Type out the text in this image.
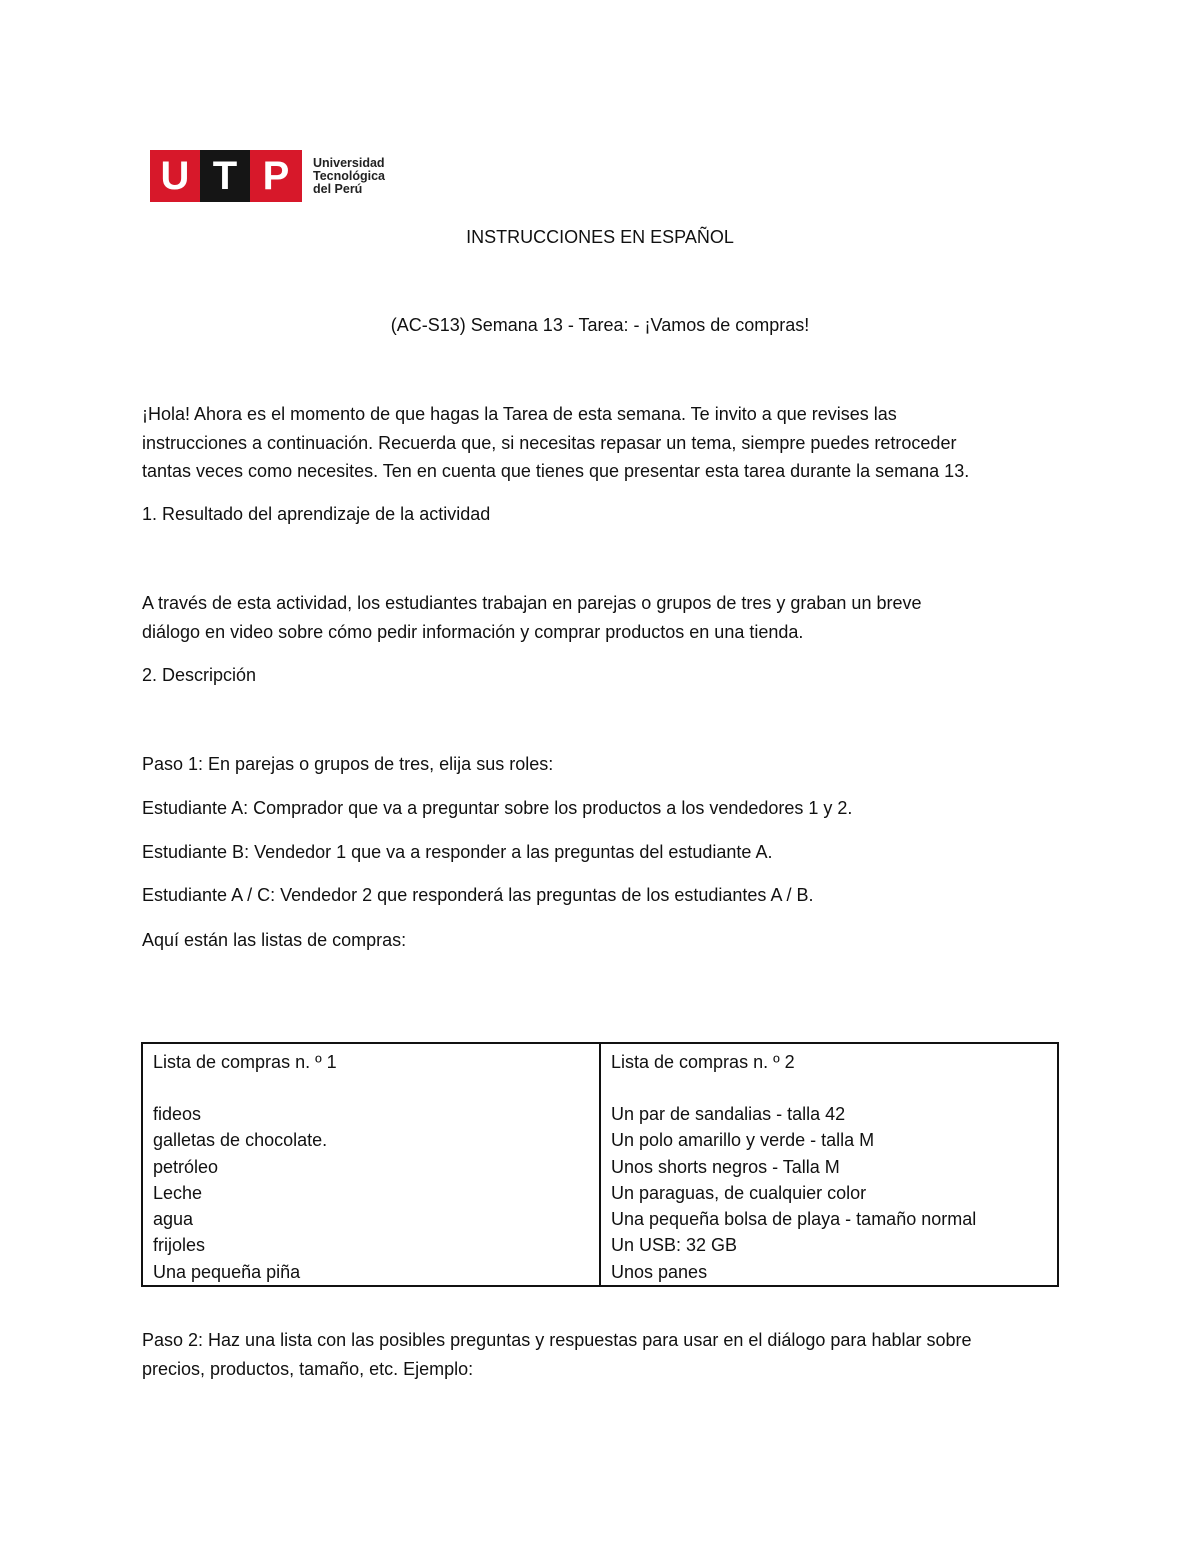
U T P	Universidad
Tecnológica
del Perú
INSTRUCCIONES EN ESPAÑOL
(AC-S13) Semana 13 - Tarea: - ¡Vamos de compras!
¡Hola! Ahora es el momento de que hagas la Tarea de esta semana. Te invito a que revises las
instrucciones a continuación. Recuerda que, si necesitas repasar un tema, siempre puedes retroceder
tantas veces como necesites. Ten en cuenta que tienes que presentar esta tarea durante la semana 13.
1. Resultado del aprendizaje de la actividad
A través de esta actividad, los estudiantes trabajan en parejas o grupos de tres y graban un breve
diálogo en video sobre cómo pedir información y comprar productos en una tienda.
2. Descripción
Paso 1: En parejas o grupos de tres, elija sus roles:
Estudiante A: Comprador que va a preguntar sobre los productos a los vendedores 1 y 2.
Estudiante B: Vendedor 1 que va a responder a las preguntas del estudiante A.
Estudiante A / C: Vendedor 2 que responderá las preguntas de los estudiantes A / B.
Aquí están las listas de compras:
Lista de compras n. º 1
fideos
galletas de chocolate.
petróleo
Leche
agua
frijoles
Una pequeña piña

Lista de compras n. º 2
Un par de sandalias - talla 42
Un polo amarillo y verde - talla M
Unos shorts negros - Talla M
Un paraguas, de cualquier color
Una pequeña bolsa de playa - tamaño normal
Un USB: 32 GB
Unos panes
Paso 2: Haz una lista con las posibles preguntas y respuestas para usar en el diálogo para hablar sobre
precios, productos, tamaño, etc. Ejemplo:
